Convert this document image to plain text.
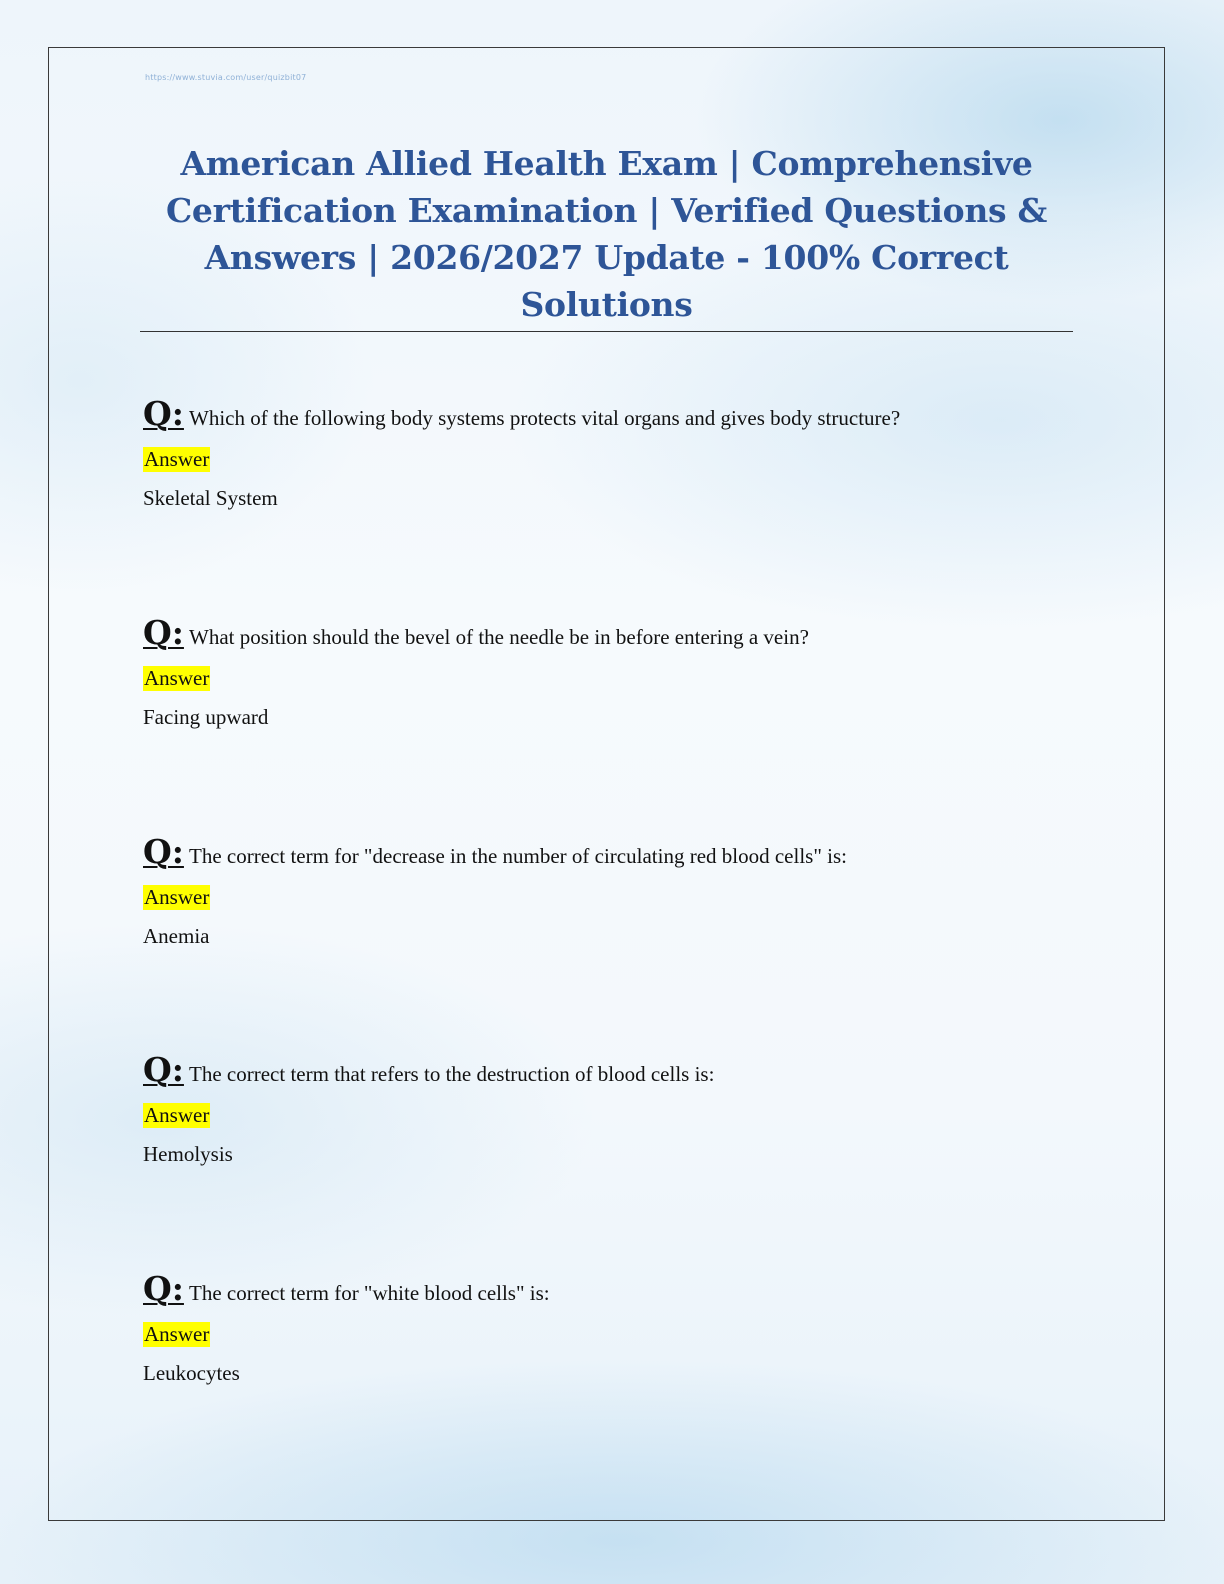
https://www.stuvia.com/user/quizbit07
American Allied Health Exam | Comprehensive Certification Examination | Verified Questions & Answers | 2026/2027 Update - 100% Correct Solutions
Q: Which of the following body systems protects vital organs and gives body structure?
Answer
Skeletal System
Q: What position should the bevel of the needle be in before entering a vein?
Answer
Facing upward
Q: The correct term for "decrease in the number of circulating red blood cells" is:
Answer
Anemia
Q: The correct term that refers to the destruction of blood cells is:
Answer
Hemolysis
Q: The correct term for "white blood cells" is:
Answer
Leukocytes
